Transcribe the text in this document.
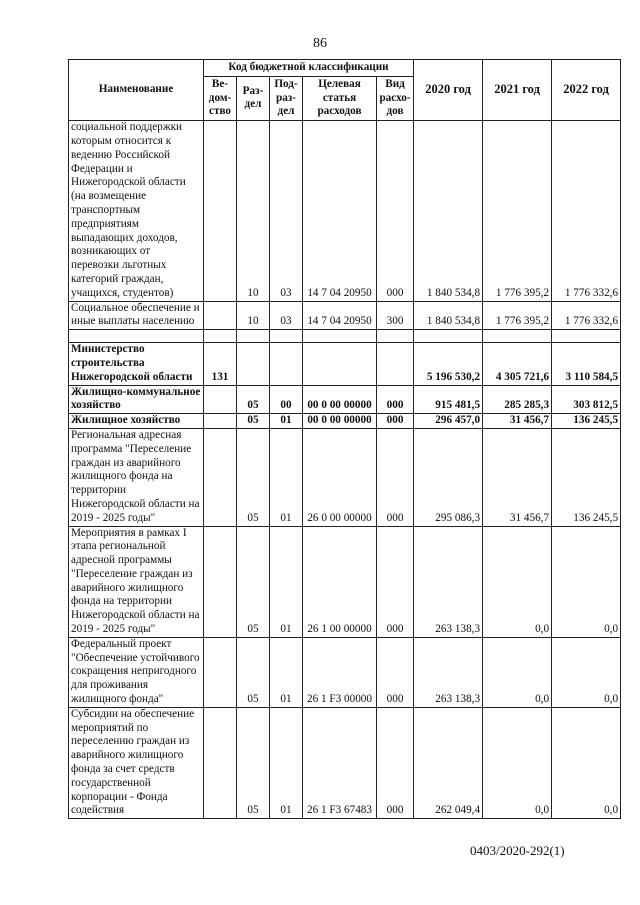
86
Наименование	Код бюджетной классификации					2020 год	2021 год	2022 год
	Ве-дом-ство	Раз-дел	Под-раз-дел	Целевая статья расходов	Вид расхо-дов			
социальной поддержки которым относится к ведению Российской Федерации и Нижегородской области (на возмещение транспортным предприятиям выпадающих доходов, возникающих от перевозки льготных категорий граждан, учащихся, студентов)		10	03	14 7 04 20950	000	1 840 534,8	1 776 395,2	1 776 332,6
Социальное обеспечение и иные выплаты населению		10	03	14 7 04 20950	300	1 840 534,8	1 776 395,2	1 776 332,6

Министерство строительства Нижегородской области	131					5 196 530,2	4 305 721,6	3 110 584,5
Жилищно-коммунальное хозяйство		05	00	00 0 00 00000	000	915 481,5	285 285,3	303 812,5
Жилищное хозяйство		05	01	00 0 00 00000	000	296 457,0	31 456,7	136 245,5
Региональная адресная программа "Переселение граждан из аварийного жилищного фонда на территории Нижегородской области на 2019 - 2025 годы"		05	01	26 0 00 00000	000	295 086,3	31 456,7	136 245,5
Мероприятия в рамках I этапа региональной адресной программы "Переселение граждан из аварийного жилищного фонда на территории Нижегородской области на 2019 - 2025 годы"		05	01	26 1 00 00000	000	263 138,3	0,0	0,0
Федеральный проект "Обеспечение устойчивого сокращения непригодного для проживания жилищного фонда"		05	01	26 1 F3 00000	000	263 138,3	0,0	0,0
Субсидии на обеспечение мероприятий по переселению граждан из аварийного жилищного фонда за счет средств государственной корпорации - Фонда содействия		05	01	26 1 F3 67483	000	262 049,4	0,0	0,0
0403/2020-292(1)
